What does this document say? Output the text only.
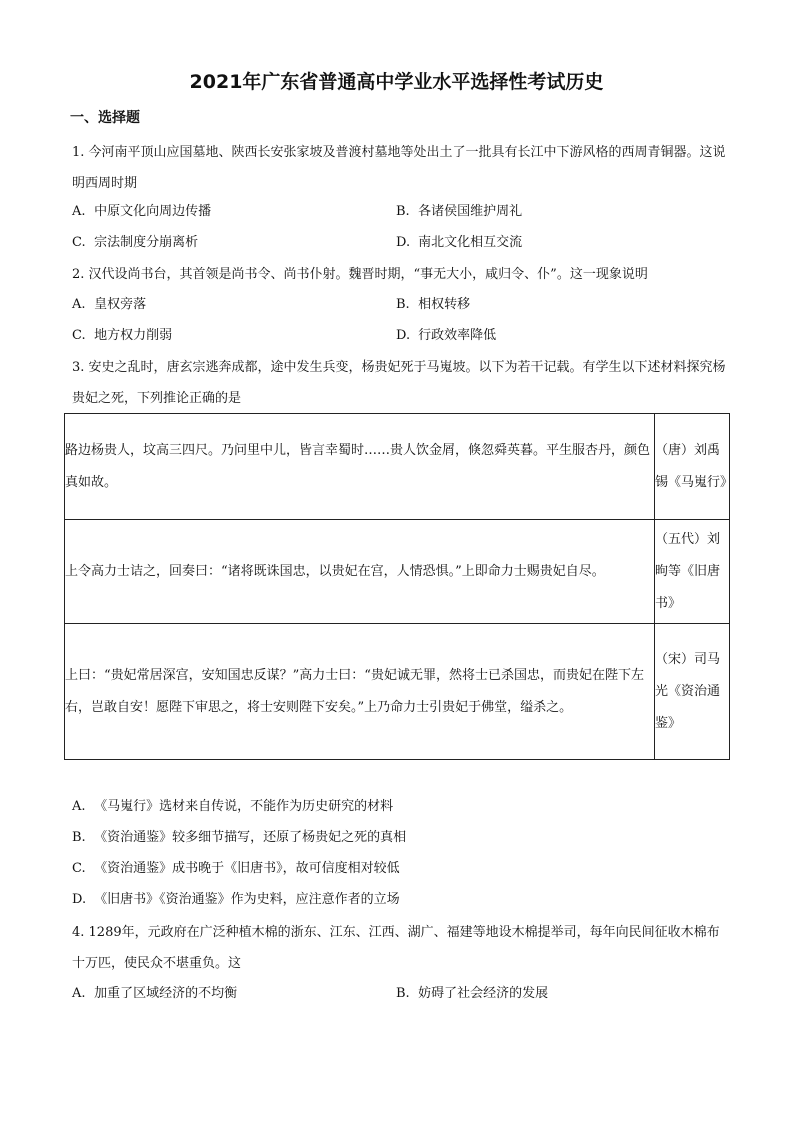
2021年广东省普通高中学业水平选择性考试历史
一、选择题
1. 今河南平顶山应国墓地、陕西长安张家坡及普渡村墓地等处出土了一批具有长江中下游风格的西周青铜器。这说明西周时期
A. 中原文化向周边传播	B. 各诸侯国维护周礼
C. 宗法制度分崩离析	D. 南北文化相互交流
2. 汉代设尚书台，其首领是尚书令、尚书仆射。魏晋时期，“事无大小，咸归令、仆”。这一现象说明
A. 皇权旁落	B. 相权转移
C. 地方权力削弱	D. 行政效率降低
3. 安史之乱时，唐玄宗逃奔成都，途中发生兵变，杨贵妃死于马嵬坡。以下为若干记载。有学生以下述材料探究杨贵妃之死，下列推论正确的是
路边杨贵人，坟高三四尺。乃问里中儿，皆言幸蜀时……贵人饮金屑，倏忽舜英暮。平生服杏丹，颜色真如故。	（唐）刘禹锡《马嵬行》
上令高力士诘之，回奏曰：“诸将既诛国忠，以贵妃在宫，人情恐惧。”上即命力士赐贵妃自尽。	（五代）刘昫等《旧唐书》
上曰：“贵妃常居深宫，安知国忠反谋？”高力士曰：“贵妃诚无罪，然将士已杀国忠，而贵妃在陛下左右，岂敢自安！愿陛下审思之，将士安则陛下安矣。”上乃命力士引贵妃于佛堂，缢杀之。	（宋）司马光《资治通鉴》
A. 《马嵬行》选材来自传说，不能作为历史研究的材料
B. 《资治通鉴》较多细节描写，还原了杨贵妃之死的真相
C. 《资治通鉴》成书晚于《旧唐书》，故可信度相对较低
D. 《旧唐书》《资治通鉴》作为史料，应注意作者的立场
4. 1289年，元政府在广泛种植木棉的浙东、江东、江西、湖广、福建等地设木棉提举司，每年向民间征收木棉布十万匹，使民众不堪重负。这
A. 加重了区域经济的不均衡	B. 妨碍了社会经济的发展
